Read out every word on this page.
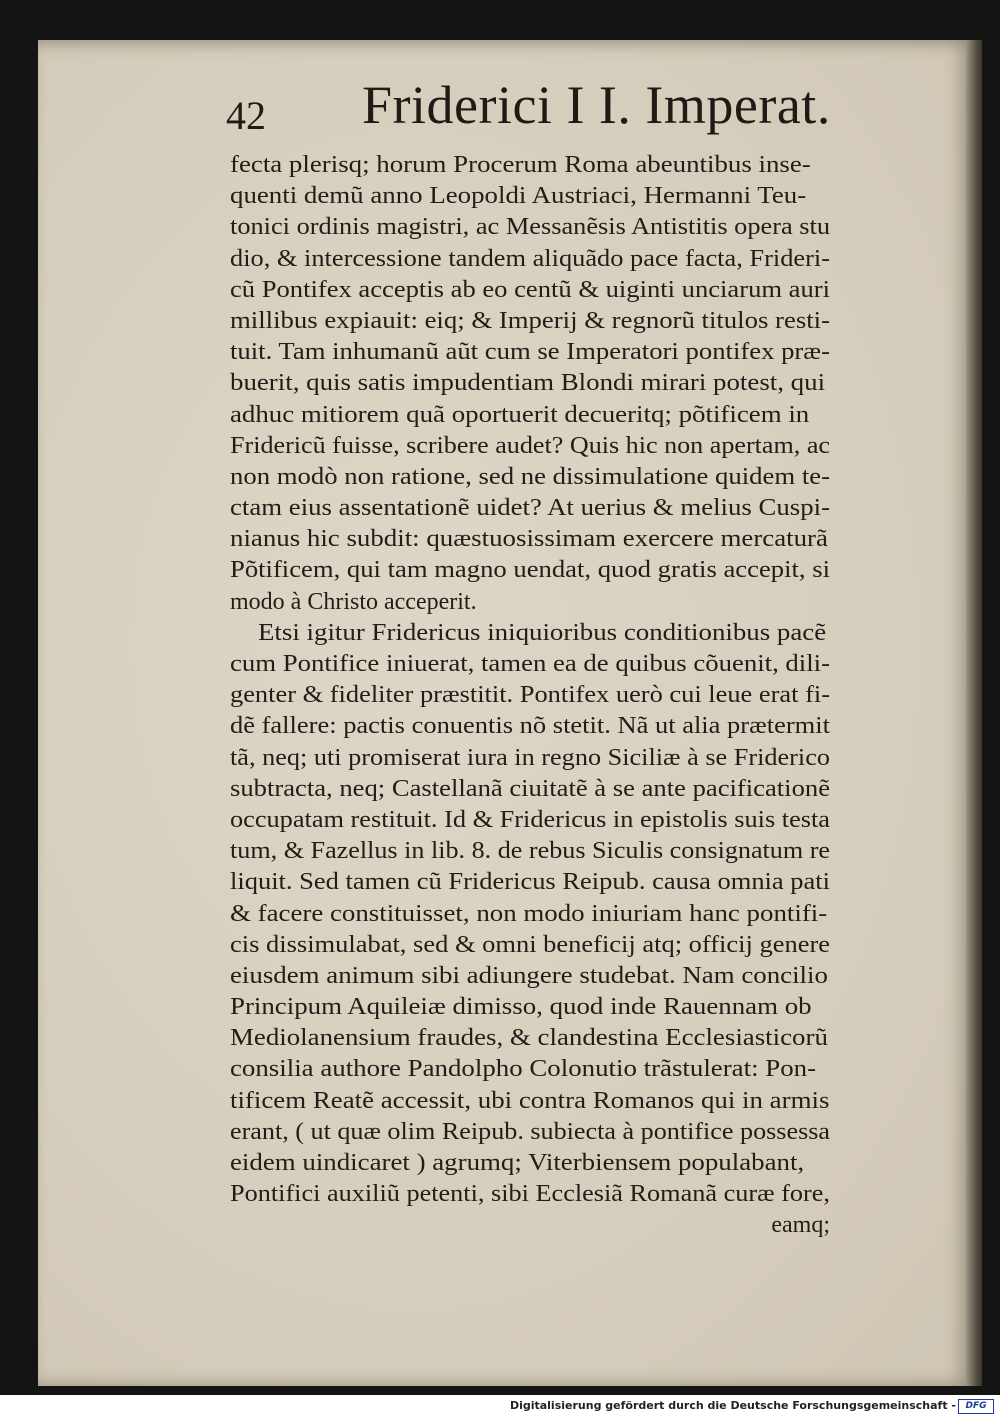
42 Friderici I I. Imperat.
fecta plerisq; horum Procerum Roma abeuntibus inse-
quenti demũ anno Leopoldi Austriaci, Hermanni Teu-
tonici ordinis magistri, ac Messanẽsis Antistitis opera stu
dio, & intercessione tandem aliquãdo pace facta, Frideri-
cũ Pontifex acceptis ab eo centũ & uiginti unciarum auri
millibus expiauit: eiq; & Imperij & regnorũ titulos resti-
tuit. Tam inhumanũ aũt cum se Imperatori pontifex præ-
buerit, quis satis impudentiam Blondi mirari potest, qui
adhuc mitiorem quã oportuerit decueritq; põtificem in
Fridericũ fuisse, scribere audet? Quis hic non apertam, ac
non modò non ratione, sed ne dissimulatione quidem te-
ctam eius assentationẽ uidet? At uerius & melius Cuspi-
nianus hic subdit: quæstuosissimam exercere mercaturã
Põtificem, qui tam magno uendat, quod gratis accepit, si
modo à Christo acceperit.
Etsi igitur Fridericus iniquioribus conditionibus pacẽ
cum Pontifice iniuerat, tamen ea de quibus cõuenit, dili-
genter & fideliter præstitit. Pontifex uerò cui leue erat fi-
dẽ fallere: pactis conuentis nõ stetit. Nã ut alia prætermit
tã, neq; uti promiserat iura in regno Siciliæ à se Friderico
subtracta, neq; Castellanã ciuitatẽ à se ante pacificationẽ
occupatam restituit. Id & Fridericus in epistolis suis testa
tum, & Fazellus in lib. 8. de rebus Siculis consignatum re
liquit. Sed tamen cũ Fridericus Reipub. causa omnia pati
& facere constituisset, non modo iniuriam hanc pontifi-
cis dissimulabat, sed & omni beneficij atq; officij genere
eiusdem animum sibi adiungere studebat. Nam concilio
Principum Aquileiæ dimisso, quod inde Rauennam ob
Mediolanensium fraudes, & clandestina Ecclesiasticorũ
consilia authore Pandolpho Colonutio trãstulerat: Pon-
tificem Reatẽ accessit, ubi contra Romanos qui in armis
erant, ( ut quæ olim Reipub. subiecta à pontifice possessa
eidem uindicaret ) agrumq; Viterbiensem populabant,
Pontifici auxiliũ petenti, sibi Ecclesiã Romanã curæ fore,
eamq;
Digitalisierung gefördert durch die Deutsche Forschungsgemeinschaft -	DFG
